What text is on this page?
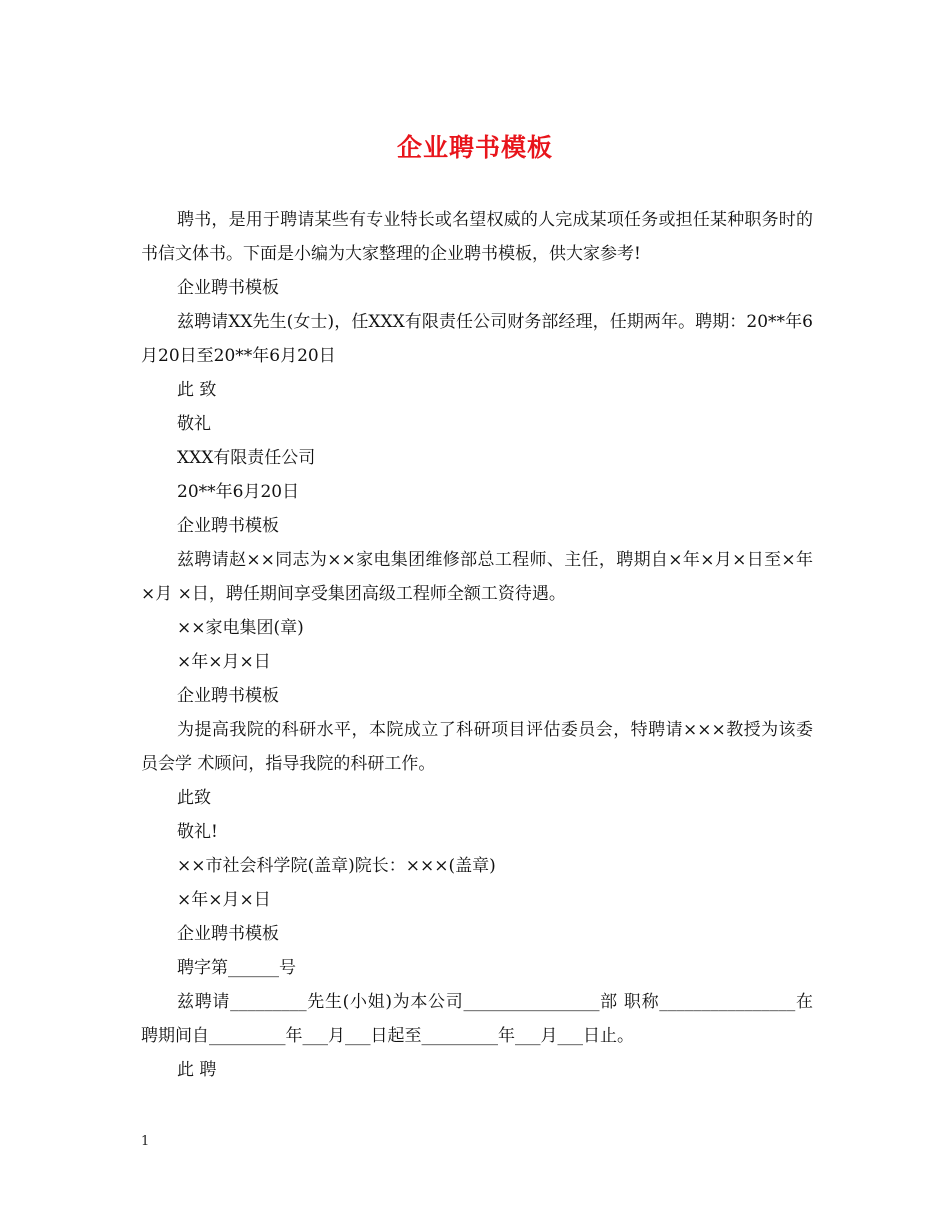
企业聘书模板

聘书，是用于聘请某些有专业特长或名望权威的人完成某项任务或担任某种职务时的书信文体书。下面是小编为大家整理的企业聘书模板，供大家参考!

企业聘书模板

兹聘请XX先生(女士)，任XXX有限责任公司财务部经理，任期两年。聘期：20**年6月20日至20**年6月20日

此 致

敬礼

XXX有限责任公司

20**年6月20日

企业聘书模板

兹聘请赵××同志为××家电集团维修部总工程师、主任，聘期自×年×月×日至×年×月 ×日，聘任期间享受集团高级工程师全额工资待遇。

××家电集团(章)

×年×月×日

企业聘书模板

为提高我院的科研水平，本院成立了科研项目评估委员会，特聘请×××教授为该委员会学 术顾问，指导我院的科研工作。

此致

敬礼!

××市社会科学院(盖章)院长：×××(盖章)

×年×月×日

企业聘书模板

聘字第______号

兹聘请_________先生(小姐)为本公司________________部 职称________________在聘期间自_________年___月___日起至_________年___月___日止。

此 聘

1
